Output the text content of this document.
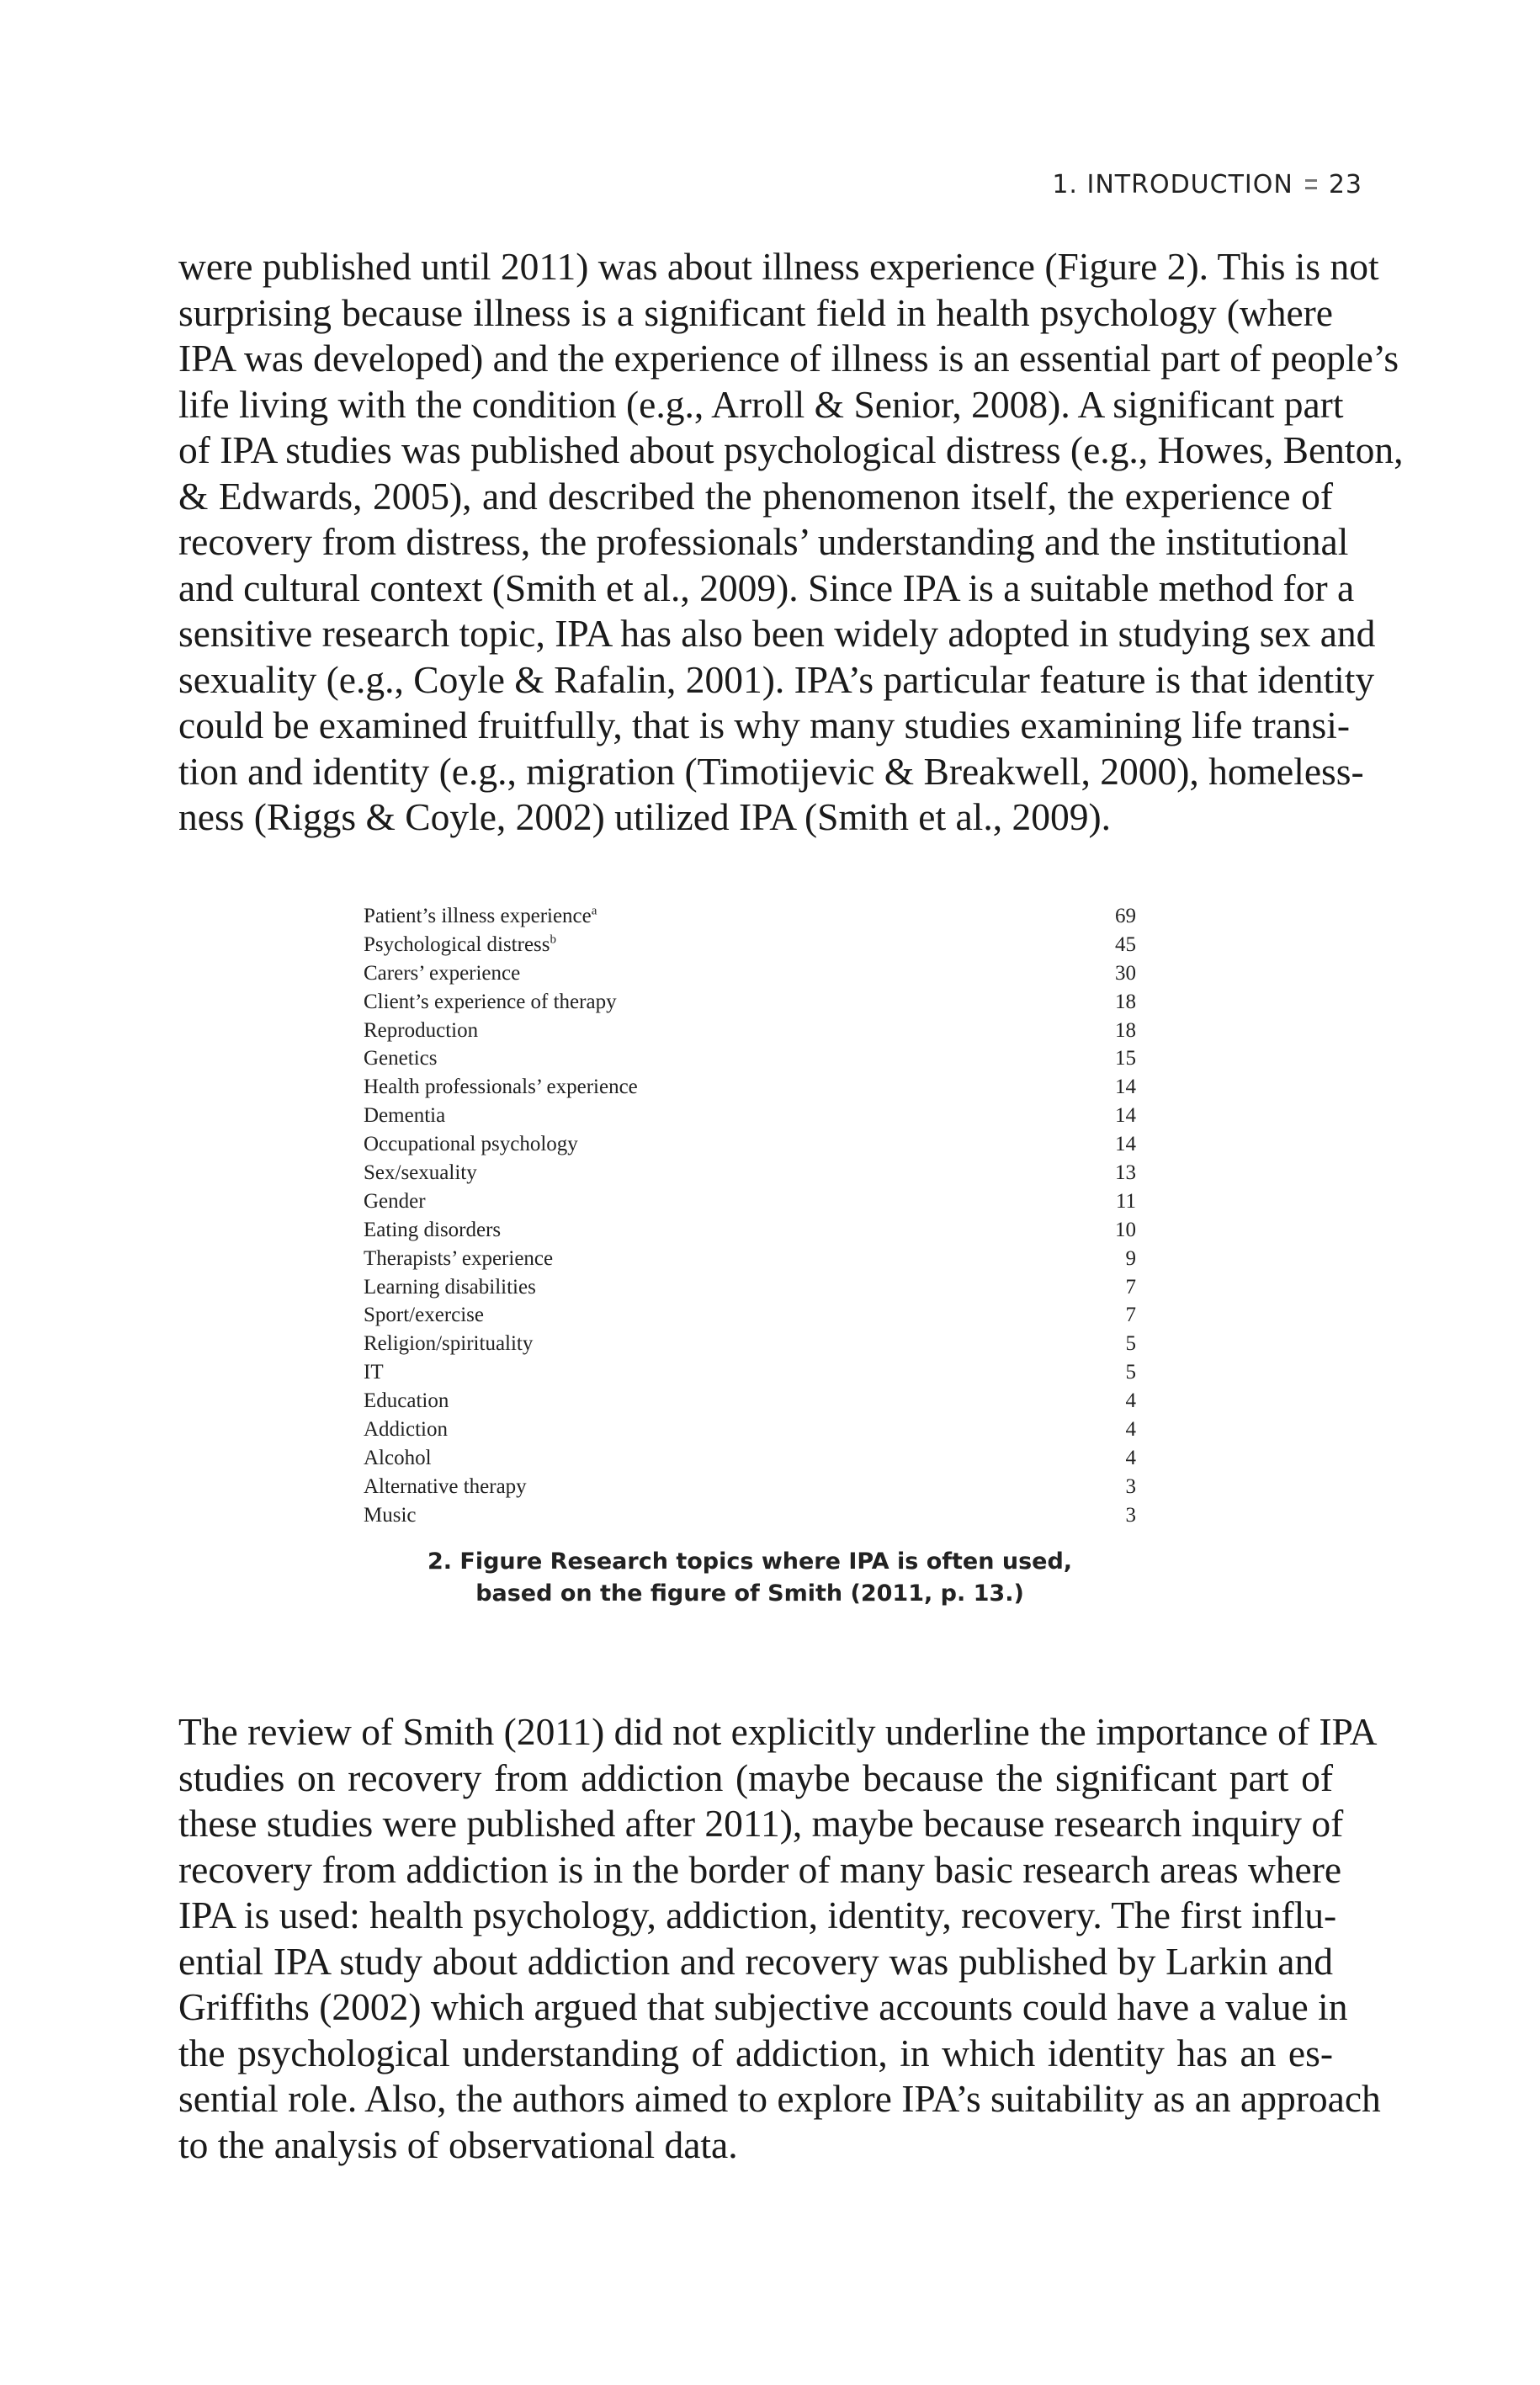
1. INTRODUCTION 23

were published until 2011) was about illness experience (Figure 2). This is not
surprising because illness is a significant field in health psychology (where
IPA was developed) and the experience of illness is an essential part of people’s
life living with the condition (e.g., Arroll & Senior, 2008). A significant part
of IPA studies was published about psychological distress (e.g., Howes, Benton,
& Edwards, 2005), and described the phenomenon itself, the experience of
recovery from distress, the professionals’ understanding and the institutional
and cultural context (Smith et al., 2009). Since IPA is a suitable method for a
sensitive research topic, IPA has also been widely adopted in studying sex and
sexuality (e.g., Coyle & Rafalin, 2001). IPA’s particular feature is that identity
could be examined fruitfully, that is why many studies examining life transi-
tion and identity (e.g., migration (Timotijevic & Breakwell, 2000), homeless-
ness (Riggs & Coyle, 2002) utilized IPA (Smith et al., 2009).

Patient’s illness experience$^a$	69
Psychological distress$^b$	45
Carers’ experience	30
Client’s experience of therapy	18
Reproduction	18
Genetics	15
Health professionals’ experience	14
Dementia	14
Occupational psychology	14
Sex/sexuality	13
Gender	11
Eating disorders	10
Therapists’ experience	9
Learning disabilities	7
Sport/exercise	7
Religion/spirituality	5
IT	5
Education	4
Addiction	4
Alcohol	4
Alternative therapy	3
Music	3
2. Figure Research topics where IPA is often used,
based on the figure of Smith (2011, p. 13.)

The review of Smith (2011) did not explicitly underline the importance of IPA
studies on recovery from addiction (maybe because the significant part of
these studies were published after 2011), maybe because research inquiry of
recovery from addiction is in the border of many basic research areas where
IPA is used: health psychology, addiction, identity, recovery. The first influ-
ential IPA study about addiction and recovery was published by Larkin and
Griffiths (2002) which argued that subjective accounts could have a value in
the psychological understanding of addiction, in which identity has an es-
sential role. Also, the authors aimed to explore IPA’s suitability as an approach
to the analysis of observational data.
